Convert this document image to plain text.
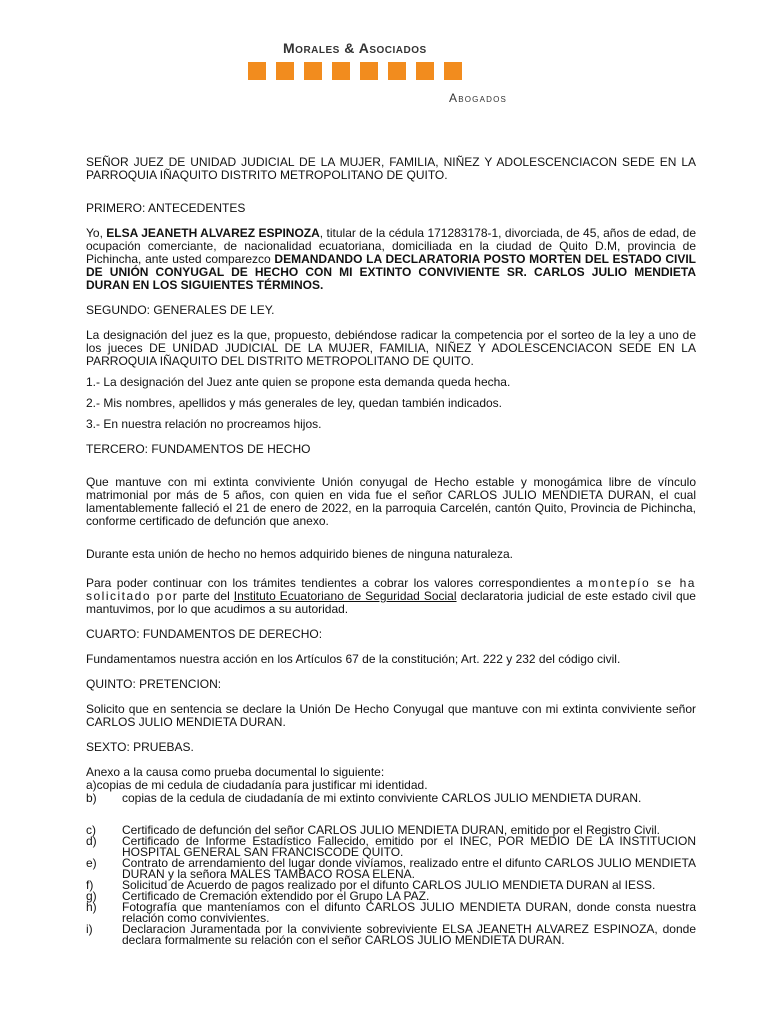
Morales & Asociados
Abogados

SEÑOR JUEZ DE UNIDAD JUDICIAL DE LA MUJER, FAMILIA, NIÑEZ Y ADOLESCENCIACON SEDE EN LA PARROQUIA IÑAQUITO DISTRITO METROPOLITANO DE QUITO.

PRIMERO: ANTECEDENTES

Yo, ELSA JEANETH ALVAREZ ESPINOZA, titular de la cédula 171283178-1, divorciada, de 45, años de edad, de ocupación comerciante, de nacionalidad ecuatoriana, domiciliada en la ciudad de Quito D.M, provincia de Pichincha, ante usted comparezco DEMANDANDO LA DECLARATORIA POSTO MORTEN DEL ESTADO CIVIL DE UNIÓN CONYUGAL DE HECHO CON MI EXTINTO CONVIVIENTE SR. CARLOS JULIO MENDIETA DURAN EN LOS SIGUIENTES TÉRMINOS.

SEGUNDO: GENERALES DE LEY.

La designación del juez es la que, propuesto, debiéndose radicar la competencia por el sorteo de la ley a uno de los jueces DE UNIDAD JUDICIAL DE LA MUJER, FAMILIA, NIÑEZ Y ADOLESCENCIACON SEDE EN LA PARROQUIA IÑAQUITO DEL DISTRITO METROPOLITANO DE QUITO.

1.- La designación del Juez ante quien se propone esta demanda queda hecha.

2.- Mis nombres, apellidos y más generales de ley, quedan también indicados.

3.- En nuestra relación no procreamos hijos.

TERCERO: FUNDAMENTOS DE HECHO

Que mantuve con mi extinta conviviente Unión conyugal de Hecho estable y monogámica libre de vínculo matrimonial por más de 5 años, con quien en vida fue el señor CARLOS JULIO MENDIETA DURAN, el cual lamentablemente falleció el 21 de enero de 2022, en la parroquia Carcelén, cantón Quito, Provincia de Pichincha, conforme certificado de defunción que anexo.

Durante esta unión de hecho no hemos adquirido bienes de ninguna naturaleza.

Para poder continuar con los trámites tendientes a cobrar los valores correspondientes a montepío se ha solicitado por parte del Instituto Ecuatoriano de Seguridad Social declaratoria judicial de este estado civil que mantuvimos, por lo que acudimos a su autoridad.

CUARTO: FUNDAMENTOS DE DERECHO:

Fundamentamos nuestra acción en los Artículos 67 de la constitución; Art. 222 y 232 del código civil.

QUINTO: PRETENCION:

Solicito que en sentencia se declare la Unión De Hecho Conyugal que mantuve con mi extinta conviviente señor CARLOS JULIO MENDIETA DURAN.

SEXTO: PRUEBAS.

Anexo a la causa como prueba documental lo siguiente:

a)copias de mi cedula de ciudadanía para justificar mi identidad.

b)	copias de la cedula de ciudadanía de mi extinto conviviente CARLOS JULIO MENDIETA DURAN.
c)	Certificado de defunción del señor CARLOS JULIO MENDIETA DURAN, emitido por el Registro Civil.
d)	Certificado de Informe Estadístico Fallecido, emitido por el INEC, POR MEDIO DE LA INSTITUCION HOSPITAL GENERAL SAN FRANCISCODE QUITO.
e)	Contrato de arrendamiento del lugar donde vivíamos, realizado entre el difunto CARLOS JULIO MENDIETA DURAN y la señora MALES TAMBACO ROSA ELENA.
f)	Solicitud de Acuerdo de pagos realizado por el difunto CARLOS JULIO MENDIETA DURAN al IESS.
g)	Certificado de Cremación extendido por el Grupo LA PAZ.
h)	Fotografía que manteníamos con el difunto CARLOS JULIO MENDIETA DURAN, donde consta nuestra relación como convivientes.
i)	Declaracion Juramentada por la conviviente sobreviviente ELSA JEANETH ALVAREZ ESPINOZA, donde declara formalmente su relación con el señor CARLOS JULIO MENDIETA DURAN.
